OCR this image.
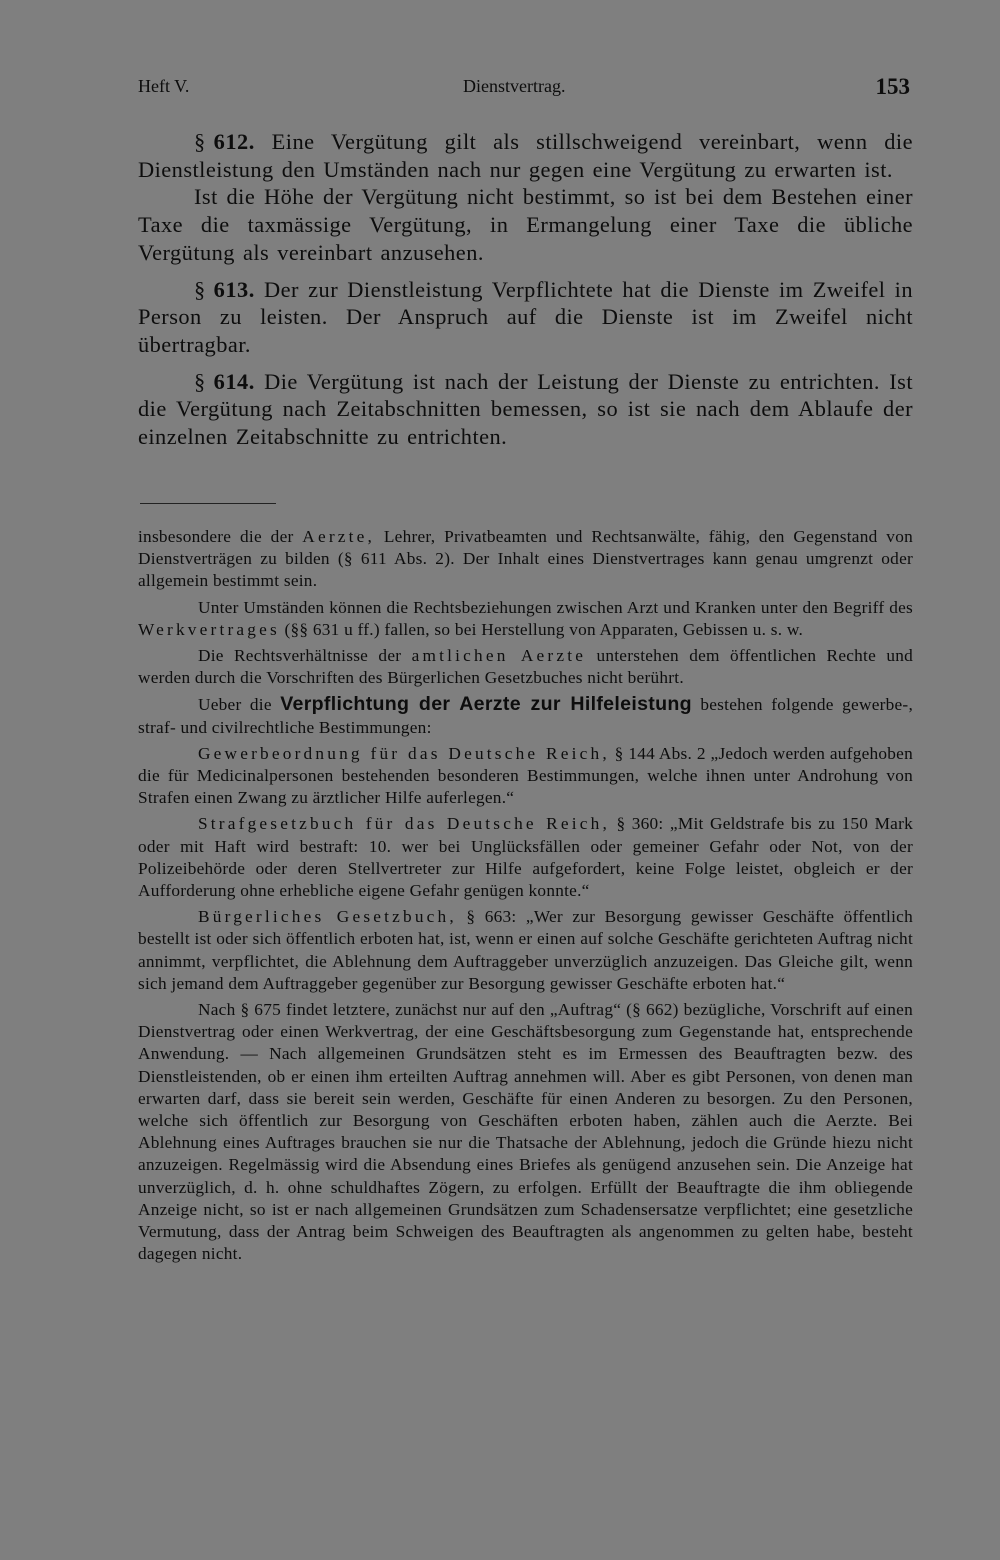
Heft V.	Dienstvertrag.	153

§ 612. Eine Vergütung gilt als stillschweigend vereinbart, wenn die Dienstleistung den Umständen nach nur gegen eine Vergütung zu erwarten ist.

Ist die Höhe der Vergütung nicht bestimmt, so ist bei dem Bestehen einer Taxe die taxmässige Vergütung, in Ermangelung einer Taxe die übliche Vergütung als vereinbart anzusehen.

§ 613. Der zur Dienstleistung Verpflichtete hat die Dienste im Zweifel in Person zu leisten. Der Anspruch auf die Dienste ist im Zweifel nicht übertragbar.

§ 614. Die Vergütung ist nach der Leistung der Dienste zu entrichten. Ist die Vergütung nach Zeitabschnitten bemessen, so ist sie nach dem Ablaufe der einzelnen Zeitabschnitte zu entrichten.

insbesondere die der Aerzte, Lehrer, Privatbeamten und Rechtsanwälte, fähig, den Gegenstand von Dienstverträgen zu bilden (§ 611 Abs. 2). Der Inhalt eines Dienstvertrages kann genau umgrenzt oder allgemein bestimmt sein.

Unter Umständen können die Rechtsbeziehungen zwischen Arzt und Kranken unter den Begriff des Werkvertrages (§§ 631 u ff.) fallen, so bei Herstellung von Apparaten, Gebissen u. s. w.

Die Rechtsverhältnisse der amtlichen Aerzte unterstehen dem öffentlichen Rechte und werden durch die Vorschriften des Bürgerlichen Gesetzbuches nicht berührt.

Ueber die Verpflichtung der Aerzte zur Hilfeleistung bestehen folgende gewerbe-, straf- und civilrechtliche Bestimmungen:

Gewerbeordnung für das Deutsche Reich, § 144 Abs. 2 „Jedoch werden aufgehoben die für Medicinalpersonen bestehenden besonderen Bestimmungen, welche ihnen unter Androhung von Strafen einen Zwang zu ärztlicher Hilfe auferlegen.“

Strafgesetzbuch für das Deutsche Reich, § 360: „Mit Geldstrafe bis zu 150 Mark oder mit Haft wird bestraft: 10. wer bei Unglücksfällen oder gemeiner Gefahr oder Not, von der Polizeibehörde oder deren Stellvertreter zur Hilfe aufgefordert, keine Folge leistet, obgleich er der Aufforderung ohne erhebliche eigene Gefahr genügen konnte.“

Bürgerliches Gesetzbuch, § 663: „Wer zur Besorgung gewisser Geschäfte öffentlich bestellt ist oder sich öffentlich erboten hat, ist, wenn er einen auf solche Geschäfte gerichteten Auftrag nicht annimmt, verpflichtet, die Ablehnung dem Auftraggeber unverzüglich anzuzeigen. Das Gleiche gilt, wenn sich jemand dem Auftraggeber gegenüber zur Besorgung gewisser Geschäfte erboten hat.“

Nach § 675 findet letztere, zunächst nur auf den „Auftrag“ (§ 662) bezügliche, Vorschrift auf einen Dienstvertrag oder einen Werkvertrag, der eine Geschäftsbesorgung zum Gegenstande hat, entsprechende Anwendung. — Nach allgemeinen Grundsätzen steht es im Ermessen des Beauftragten bezw. des Dienstleistenden, ob er einen ihm erteilten Auftrag annehmen will. Aber es gibt Personen, von denen man erwarten darf, dass sie bereit sein werden, Geschäfte für einen Anderen zu besorgen. Zu den Personen, welche sich öffentlich zur Besorgung von Geschäften erboten haben, zählen auch die Aerzte. Bei Ablehnung eines Auftrages brauchen sie nur die Thatsache der Ablehnung, jedoch die Gründe hiezu nicht anzuzeigen. Regelmässig wird die Absendung eines Briefes als genügend anzusehen sein. Die Anzeige hat unverzüglich, d. h. ohne schuldhaftes Zögern, zu erfolgen. Erfüllt der Beauftragte die ihm obliegende Anzeige nicht, so ist er nach allgemeinen Grundsätzen zum Schadensersatze verpflichtet; eine gesetzliche Vermutung, dass der Antrag beim Schweigen des Beauftragten als angenommen zu gelten habe, besteht dagegen nicht.
